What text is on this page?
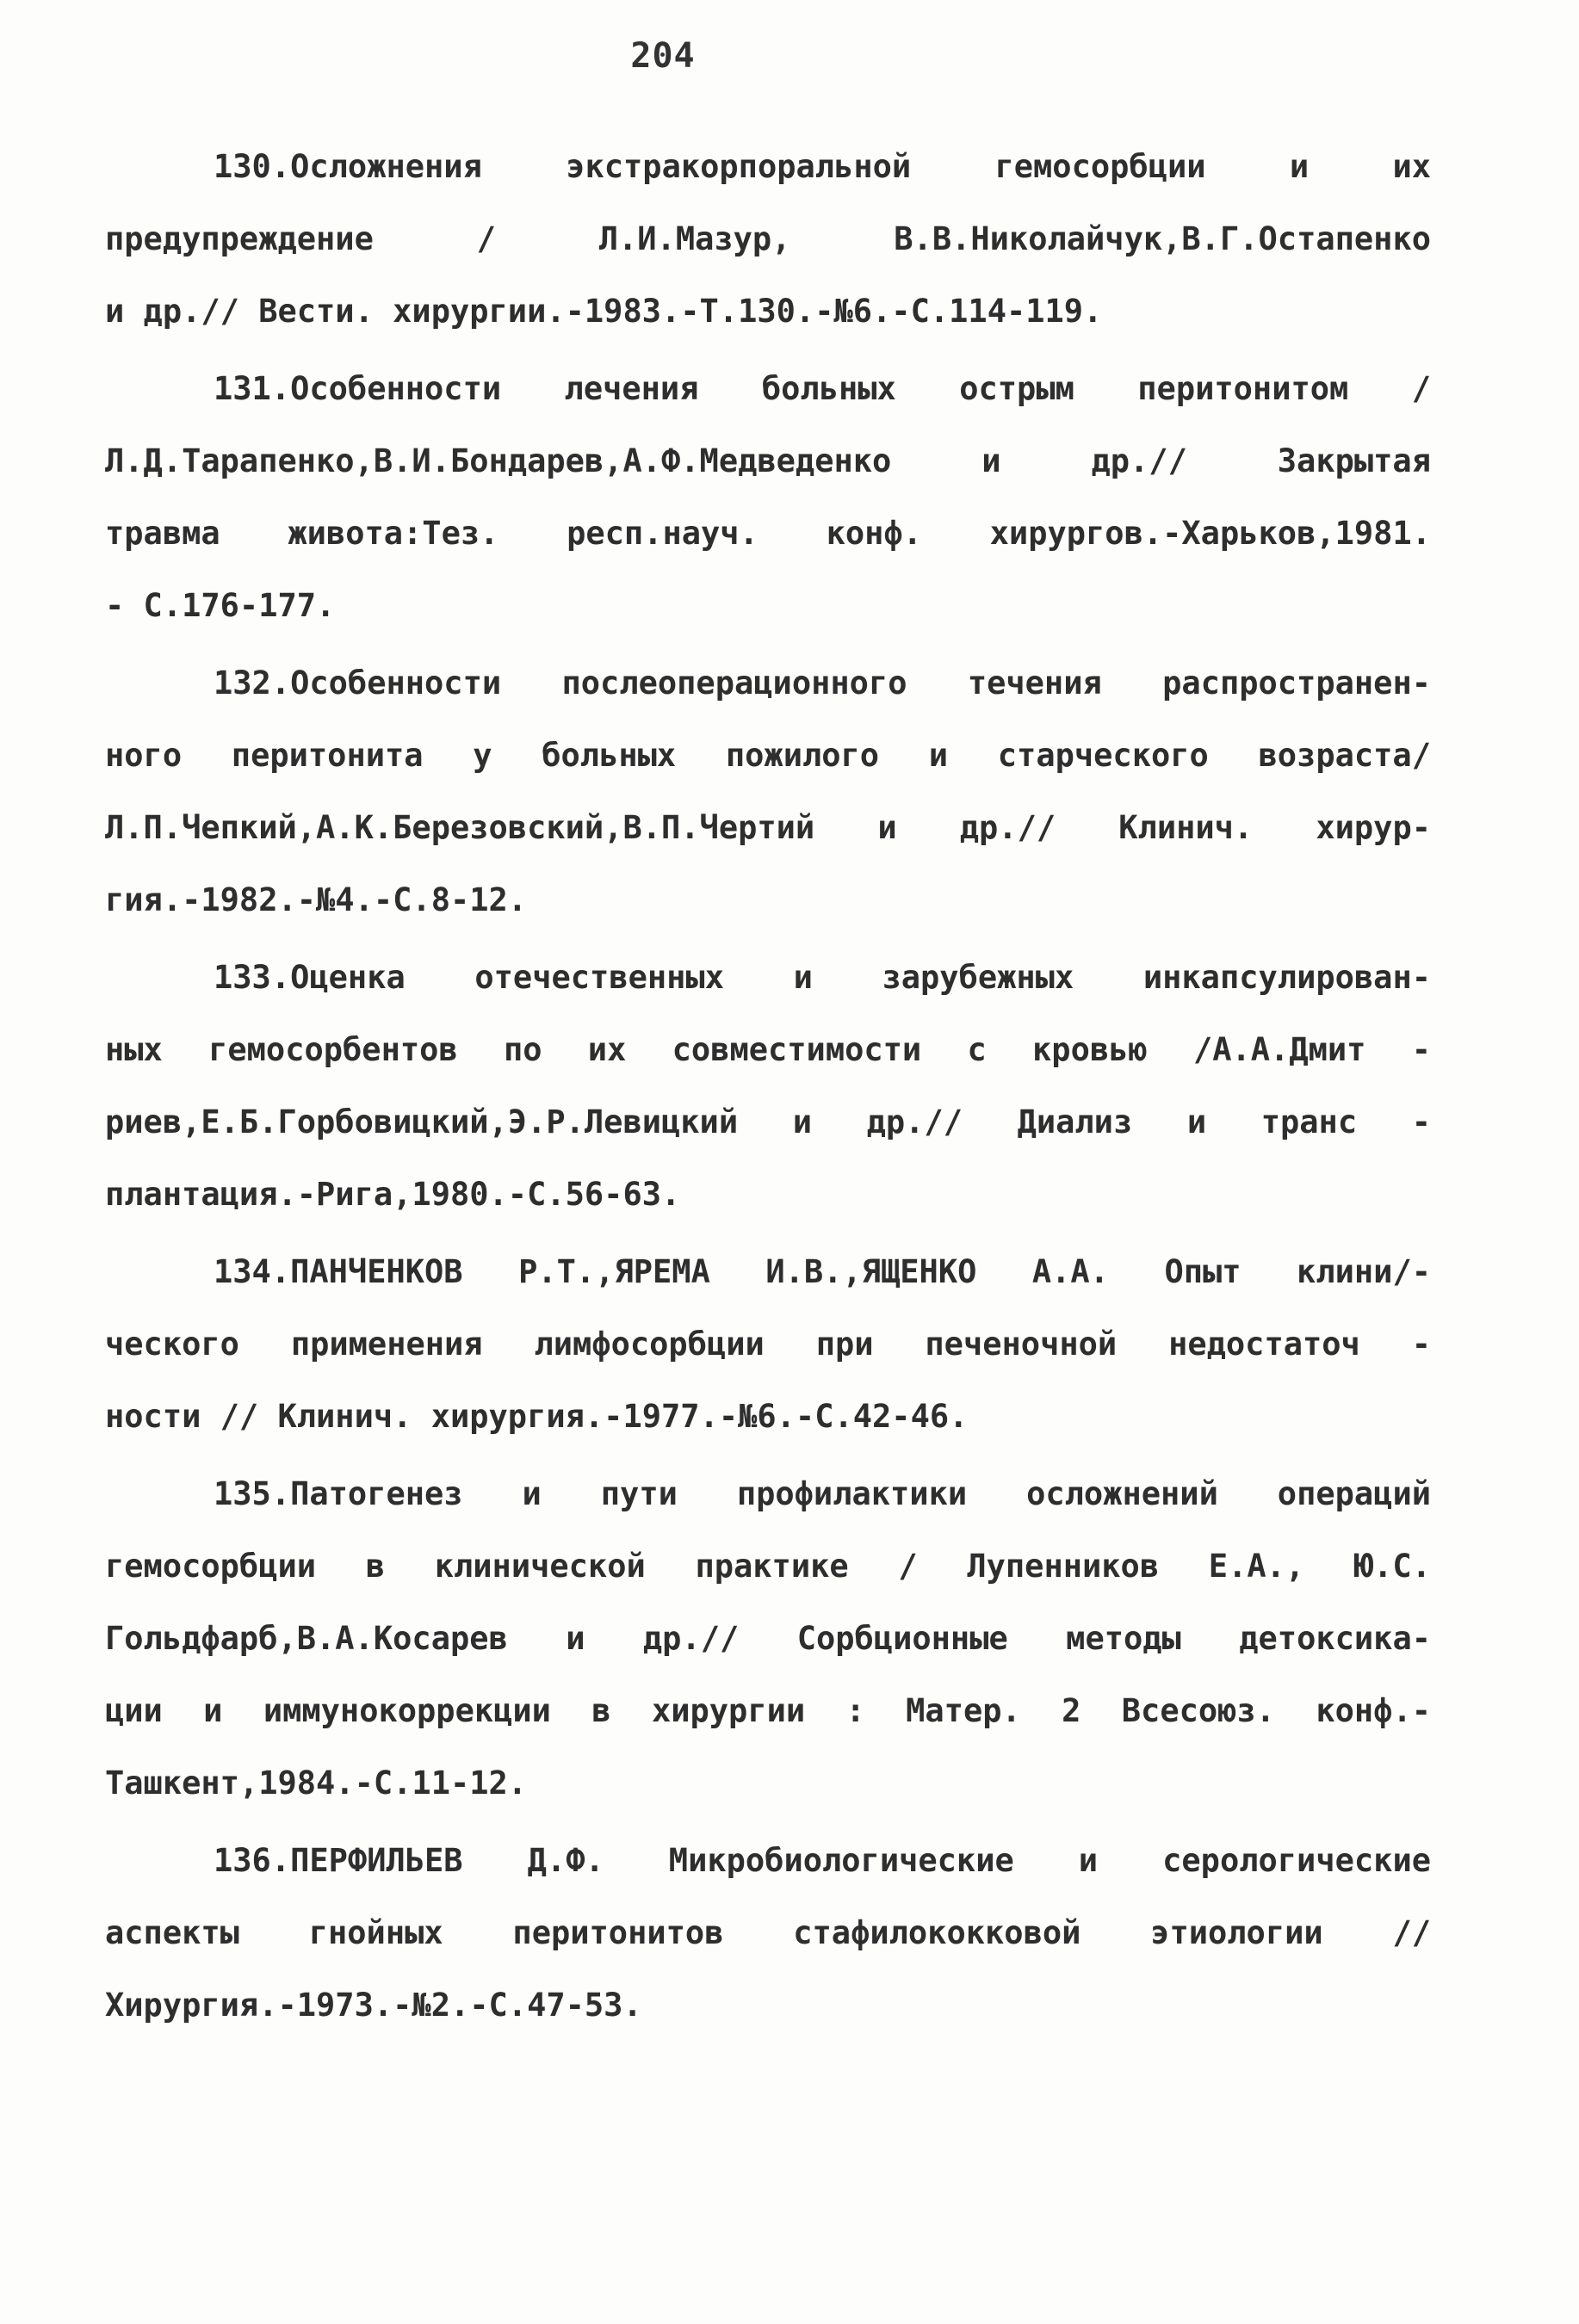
204
130.Осложнения экстракорпоральной гемосорбции и их
предупреждение / Л.И.Мазур, В.В.Николайчук,В.Г.Остапенко
и др.// Вести. хирургии.-1983.-Т.130.-№6.-С.114-119.
131.Особенности лечения больных острым перитонитом /
Л.Д.Тарапенко,В.И.Бондарев,А.Ф.Медведенко и др.// Закрытая
травма живота:Тез. респ.науч. конф. хирургов.-Харьков,1981.
- С.176-177.
132.Особенности послеоперационного течения распространен-
ного перитонита у больных пожилого и старческого возраста/
Л.П.Чепкий,А.К.Березовский,В.П.Чертий и др.// Клинич. хирур-
гия.-1982.-№4.-С.8-12.
133.Оценка отечественных и зарубежных инкапсулирован-
ных гемосорбентов по их совместимости с кровью /А.А.Дмит -
риев,Е.Б.Горбовицкий,Э.Р.Левицкий и др.// Диализ и транс -
плантация.-Рига,1980.-С.56-63.
134.ПАНЧЕНКОВ Р.Т.,ЯРЕМА И.В.,ЯЩЕНКО А.А. Опыт клини/-
ческого применения лимфосорбции при печеночной недостаточ -
ности // Клинич. хирургия.-1977.-№6.-С.42-46.
135.Патогенез и пути профилактики осложнений операций
гемосорбции в клинической практике / Лупенников Е.А., Ю.С.
Гольдфарб,В.А.Косарев и др.// Сорбционные методы детоксика-
ции и иммунокоррекции в хирургии : Матер. 2 Всесоюз. конф.-
Ташкент,1984.-С.11-12.
136.ПЕРФИЛЬЕВ Д.Ф. Микробиологические и серологические
аспекты гнойных перитонитов стафилококковой этиологии //
Хирургия.-1973.-№2.-С.47-53.
